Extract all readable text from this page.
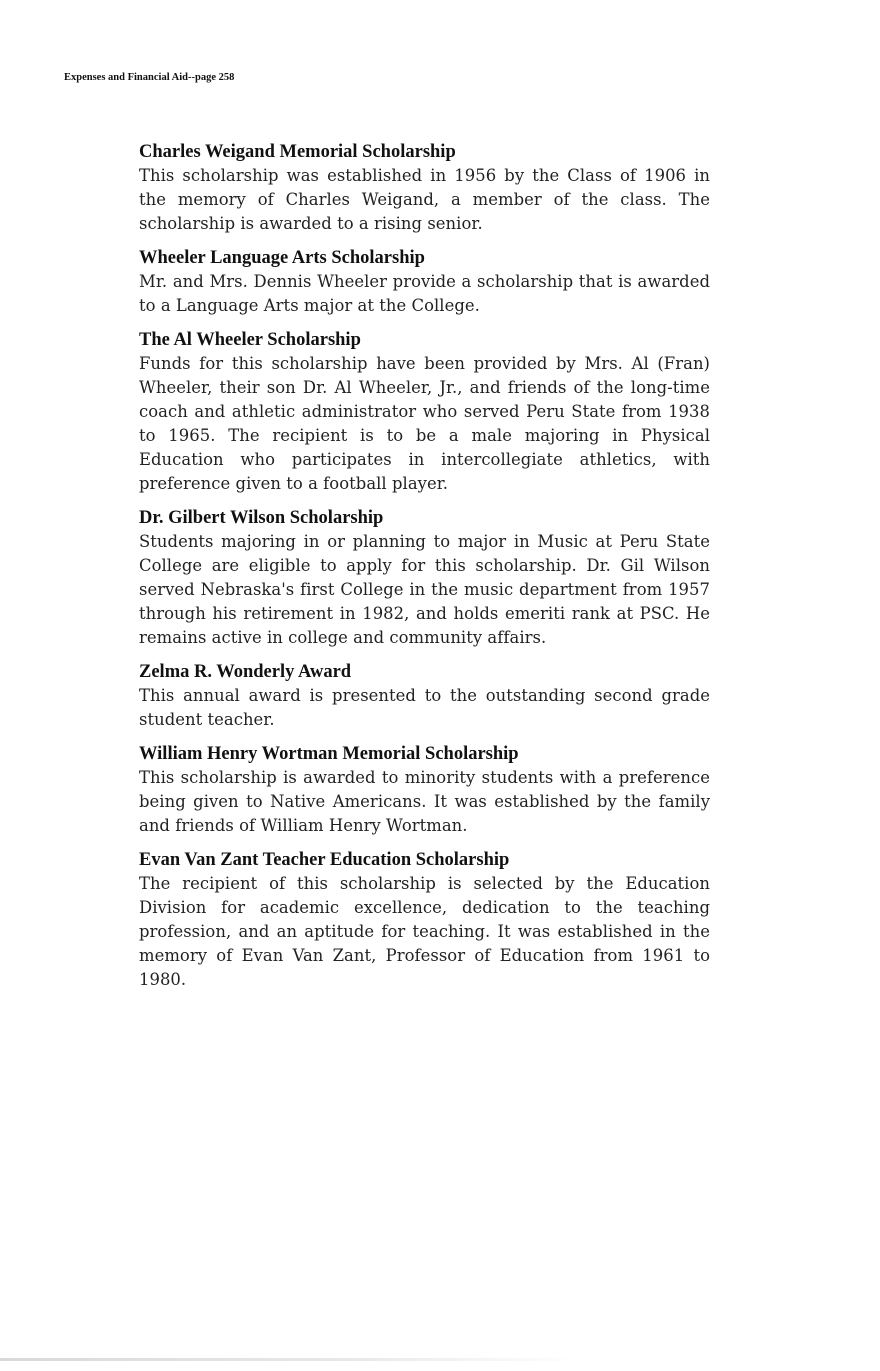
Expenses and Financial Aid--page 258

Charles Weigand Memorial Scholarship

This scholarship was established in 1956 by the Class of 1906 in the memory of Charles Weigand, a member of the class. The scholarship is awarded to a rising senior.

Wheeler Language Arts Scholarship

Mr. and Mrs. Dennis Wheeler provide a scholarship that is awarded to a Language Arts major at the College.

The Al Wheeler Scholarship

Funds for this scholarship have been provided by Mrs. Al (Fran) Wheeler, their son Dr. Al Wheeler, Jr., and friends of the long-time coach and athletic administrator who served Peru State from 1938 to 1965. The recipient is to be a male majoring in Physical Education who participates in intercollegiate athletics, with preference given to a football player.

Dr. Gilbert Wilson Scholarship

Students majoring in or planning to major in Music at Peru State College are eligible to apply for this scholarship. Dr. Gil Wilson served Nebraska's first College in the music department from 1957 through his retirement in 1982, and holds emeriti rank at PSC. He remains active in college and community affairs.

Zelma R. Wonderly Award

This annual award is presented to the outstanding second grade student teacher.

William Henry Wortman Memorial Scholarship

This scholarship is awarded to minority students with a preference being given to Native Americans. It was established by the family and friends of William Henry Wortman.

Evan Van Zant Teacher Education Scholarship

The recipient of this scholarship is selected by the Education Division for academic excellence, dedication to the teaching profession, and an aptitude for teaching. It was established in the memory of Evan Van Zant, Professor of Education from 1961 to 1980.
